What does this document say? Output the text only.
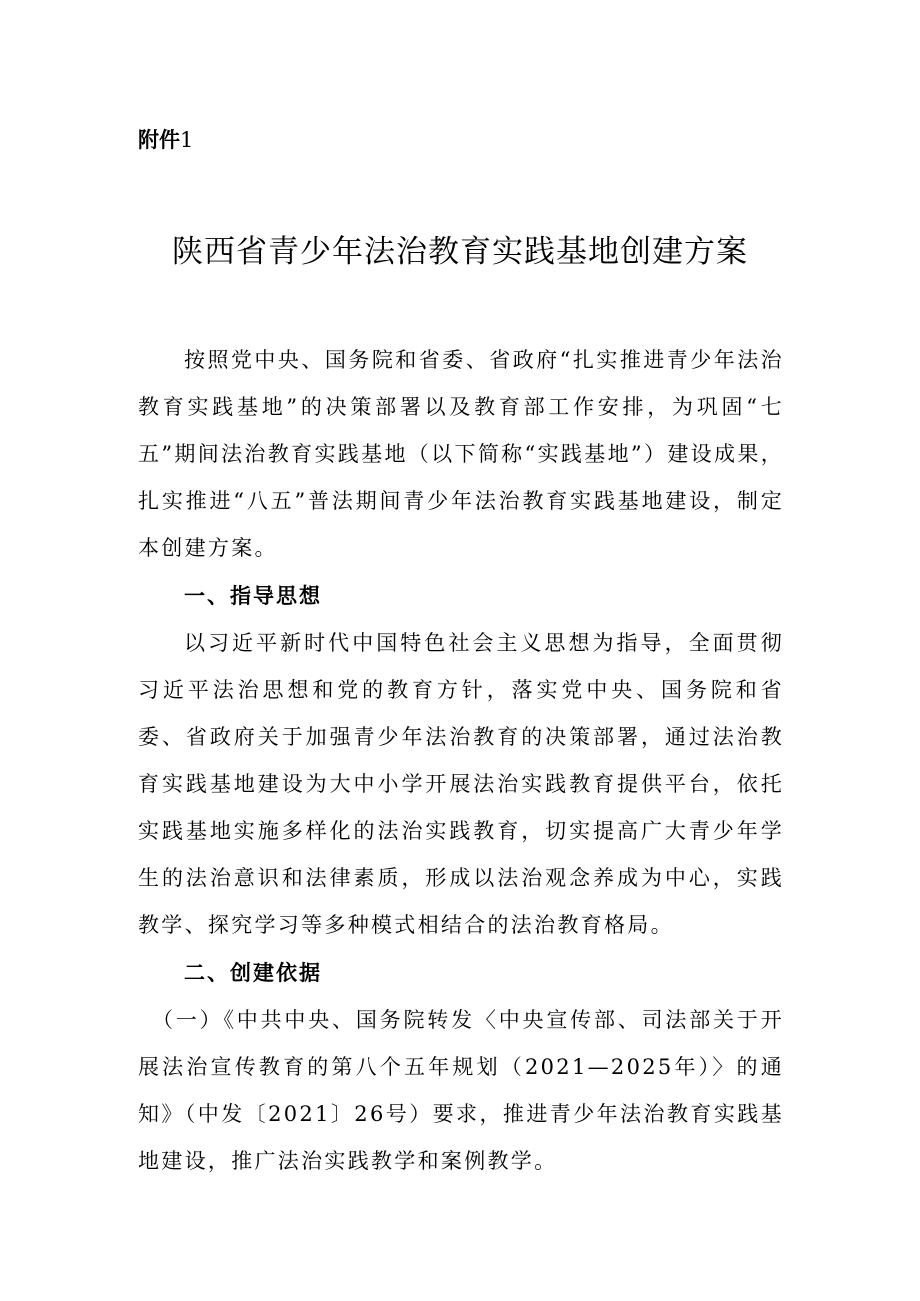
附件1
陕西省青少年法治教育实践基地创建方案

按照党中央、国务院和省委、省政府“扎实推进青少年法治教育实践基地”的决策部署以及教育部工作安排，为巩固“七五”期间法治教育实践基地（以下简称“实践基地”）建设成果，扎实推进“八五”普法期间青少年法治教育实践基地建设，制定本创建方案。

一、指导思想

以习近平新时代中国特色社会主义思想为指导，全面贯彻习近平法治思想和党的教育方针，落实党中央、国务院和省委、省政府关于加强青少年法治教育的决策部署，通过法治教育实践基地建设为大中小学开展法治实践教育提供平台，依托实践基地实施多样化的法治实践教育，切实提高广大青少年学生的法治意识和法律素质，形成以法治观念养成为中心，实践教学、探究学习等多种模式相结合的法治教育格局。

二、创建依据

（一）《中共中央、国务院转发〈中央宣传部、司法部关于开展法治宣传教育的第八个五年规划（2021—2025年）〉的通知》（中发〔2021〕26号）要求，推进青少年法治教育实践基地建设，推广法治实践教学和案例教学。
